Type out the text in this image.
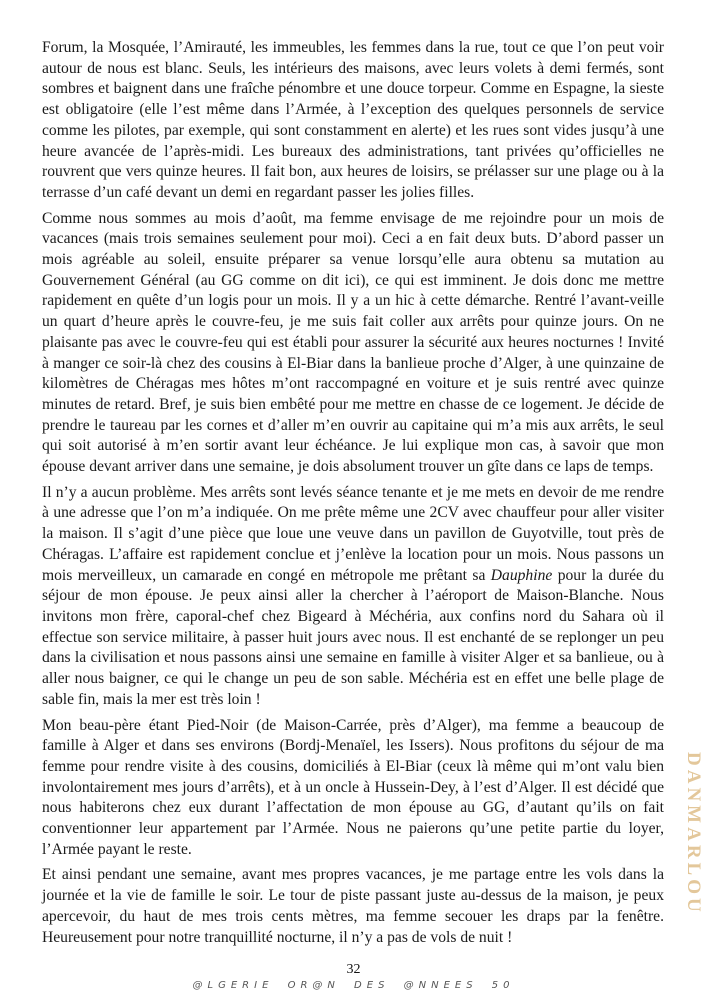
Forum, la Mosquée, l’Amirauté, les immeubles, les femmes dans la rue, tout ce que l’on peut voir autour de nous est blanc. Seuls, les intérieurs des maisons, avec leurs volets à demi fermés, sont sombres et baignent dans une fraîche pénombre et une douce torpeur. Comme en Espagne, la sieste est obligatoire (elle l’est même dans l’Armée, à l’exception des quelques personnels de service comme les pilotes, par exemple, qui sont constamment en alerte) et les rues sont vides jusqu’à une heure avancée de l’après-midi. Les bureaux des administrations, tant privées qu’officielles ne rouvrent que vers quinze heures. Il fait bon, aux heures de loisirs, se prélasser sur une plage ou à la terrasse d’un café devant un demi en regardant passer les jolies filles.

Comme nous sommes au mois d’août, ma femme envisage de me rejoindre pour un mois de vacances (mais trois semaines seulement pour moi). Ceci a en fait deux buts. D’abord passer un mois agréable au soleil, ensuite préparer sa venue lorsqu’elle aura obtenu sa mutation au Gouvernement Général (au GG comme on dit ici), ce qui est imminent. Je dois donc me mettre rapidement en quête d’un logis pour un mois. Il y a un hic à cette démarche. Rentré l’avant-veille un quart d’heure après le couvre-feu, je me suis fait coller aux arrêts pour quinze jours. On ne plaisante pas avec le couvre-feu qui est établi pour assurer la sécurité aux heures nocturnes ! Invité à manger ce soir-là chez des cousins à El-Biar dans la banlieue proche d’Alger, à une quinzaine de kilomètres de Chéragas mes hôtes m’ont raccompagné en voiture et je suis rentré avec quinze minutes de retard. Bref, je suis bien embêté pour me mettre en chasse de ce logement. Je décide de prendre le taureau par les cornes et d’aller m’en ouvrir au capitaine qui m’a mis aux arrêts, le seul qui soit autorisé à m’en sortir avant leur échéance. Je lui explique mon cas, à savoir que mon épouse devant arriver dans une semaine, je dois absolument trouver un gîte dans ce laps de temps.

Il n’y a aucun problème. Mes arrêts sont levés séance tenante et je me mets en devoir de me rendre à une adresse que l’on m’a indiquée. On me prête même une 2CV avec chauffeur pour aller visiter la maison. Il s’agit d’une pièce que loue une veuve dans un pavillon de Guyotville, tout près de Chéragas. L’affaire est rapidement conclue et j’enlève la location pour un mois. Nous passons un mois merveilleux, un camarade en congé en métropole me prêtant sa Dauphine pour la durée du séjour de mon épouse. Je peux ainsi aller la chercher à l’aéroport de Maison-Blanche. Nous invitons mon frère, caporal-chef chez Bigeard à Méchéria, aux confins nord du Sahara où il effectue son service militaire, à passer huit jours avec nous. Il est enchanté de se replonger un peu dans la civilisation et nous passons ainsi une semaine en famille à visiter Alger et sa banlieue, ou à aller nous baigner, ce qui le change un peu de son sable. Méchéria est en effet une belle plage de sable fin, mais la mer est très loin !

Mon beau-père étant Pied-Noir (de Maison-Carrée, près d’Alger), ma femme a beaucoup de famille à Alger et dans ses environs (Bordj-Menaïel, les Issers). Nous profitons du séjour de ma femme pour rendre visite à des cousins, domiciliés à El-Biar (ceux là même qui m’ont valu bien involontairement mes jours d’arrêts), et à un oncle à Hussein-Dey, à l’est d’Alger. Il est décidé que nous habiterons chez eux durant l’affectation de mon épouse au GG, d’autant qu’ils on fait conventionner leur appartement par l’Armée. Nous ne paierons qu’une petite partie du loyer, l’Armée payant le reste.

Et ainsi pendant une semaine, avant mes propres vacances, je me partage entre les vols dans la journée et la vie de famille le soir. Le tour de piste passant juste au-dessus de la maison, je peux apercevoir, du haut de mes trois cents mètres, ma femme secouer les draps par la fenêtre. Heureusement pour notre tranquillité nocturne, il n’y a pas de vols de nuit !

DANMARLOU
32
@LGERIE OR@N DES @NNEES 50
